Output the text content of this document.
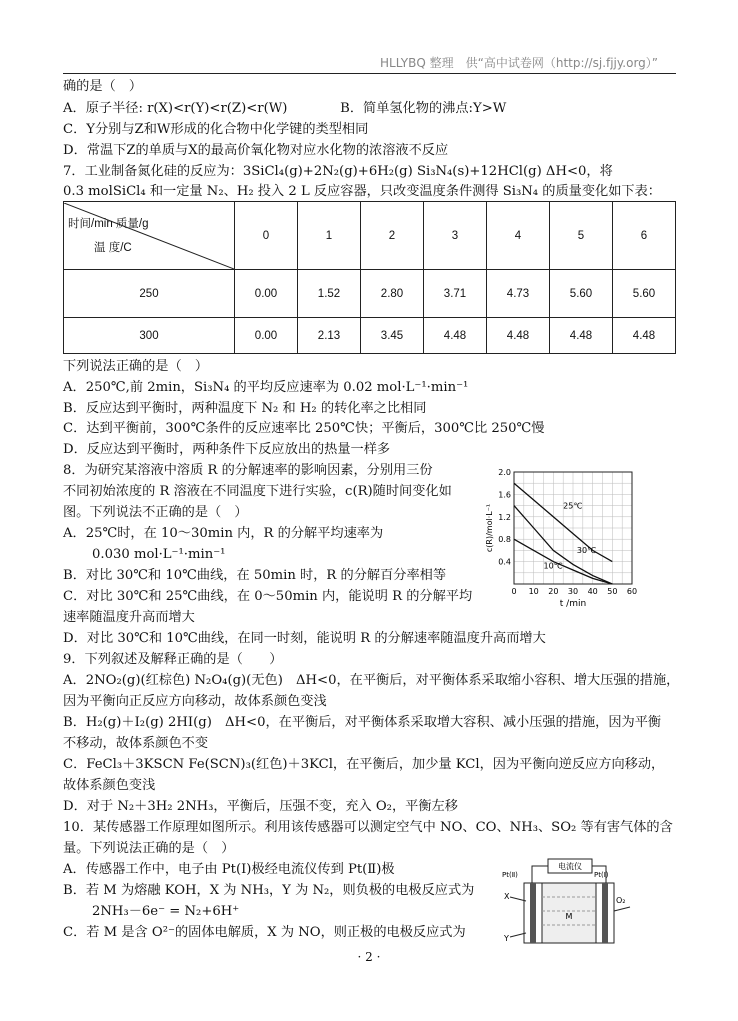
HLLYBQ 整理　供“高中试卷网（http://sj.fjjy.org）”
确的是（　）
A．原子半径: r(X)<r(Y)<r(Z)<r(W)　　　　B．简单氢化物的沸点:Y>W
C．Y分别与Z和W形成的化合物中化学键的类型相同
D．常温下Z的单质与X的最高价氧化物对应水化物的浓溶液不反应
7．工业制备氮化硅的反应为：3SiCl₄(g)+2N₂(g)+6H₂(g) Si₃N₄(s)+12HCl(g) ΔH<0，将
0.3 molSiCl₄ 和一定量 N₂、H₂ 投入 2 L 反应容器，只改变温度条件测得 Si₃N₄ 的质量变化如下表：
时间/min 质量/g
温 度/C	0	1	2	3	4	5	6
250	0.00	1.52	2.80	3.71	4.73	5.60	5.60
300	0.00	2.13	3.45	4.48	4.48	4.48	4.48
下列说法正确的是（　）
A．250℃,前 2min，Si₃N₄ 的平均反应速率为 0.02 mol·L⁻¹·min⁻¹
B．反应达到平衡时，两种温度下 N₂ 和 H₂ 的转化率之比相同
C．达到平衡前，300℃条件的反应速率比 250℃快；平衡后，300℃比 250℃慢
D．反应达到平衡时，两种条件下反应放出的热量一样多
8．为研究某溶液中溶质 R 的分解速率的影响因素，分别用三份
不同初始浓度的 R 溶液在不同温度下进行实验，c(R)随时间变化如
图。下列说法不正确的是（　）
A．25℃时，在 10～30min 内，R 的分解平均速率为
0.030 mol·L⁻¹·min⁻¹
B．对比 30℃和 10℃曲线，在 50min 时，R 的分解百分率相等
C．对比 30℃和 25℃曲线，在 0～50min 内，能说明 R 的分解平均
速率随温度升高而增大
D．对比 30℃和 10℃曲线，在同一时刻，能说明 R 的分解速率随温度升高而增大
0 10 20 30 40 50 60
0.4
0.8
1.2
1.6
2.0
t /min
c(R)/mol·L⁻¹	25℃
30℃
10℃
9．下列叙述及解释正确的是（　　）
A．2NO₂(g)(红棕色) N₂O₄(g)(无色)　ΔH<0，在平衡后，对平衡体系采取缩小容积、增大压强的措施，
因为平衡向正反应方向移动，故体系颜色变浅
B．H₂(g)＋I₂(g) 2HI(g)　ΔH<0，在平衡后，对平衡体系采取增大容积、减小压强的措施，因为平衡
不移动，故体系颜色不变
C．FeCl₃＋3KSCN Fe(SCN)₃(红色)＋3KCl，在平衡后，加少量 KCl，因为平衡向逆反应方向移动，
故体系颜色变浅
D．对于 N₂＋3H₂ 2NH₃，平衡后，压强不变，充入 O₂，平衡左移
10．某传感器工作原理如图所示。利用该传感器可以测定空气中 NO、CO、NH₃、SO₂ 等有害气体的含
量。下列说法正确的是（　）
A．传感器工作中，电子由 Pt(Ⅰ)极经电流仪传到 Pt(Ⅱ)极
B．若 M 为熔融 KOH，X 为 NH₃，Y 为 N₂，则负极的电极反应式为
2NH₃－6e⁻ = N₂+6H⁺
C．若 M 是含 O²⁻的固体电解质，X 为 NO，则正极的电极反应式为
电流仪
M
Pt(Ⅱ)	Pt(Ⅰ)
X
Y
O₂
· 2 ·
